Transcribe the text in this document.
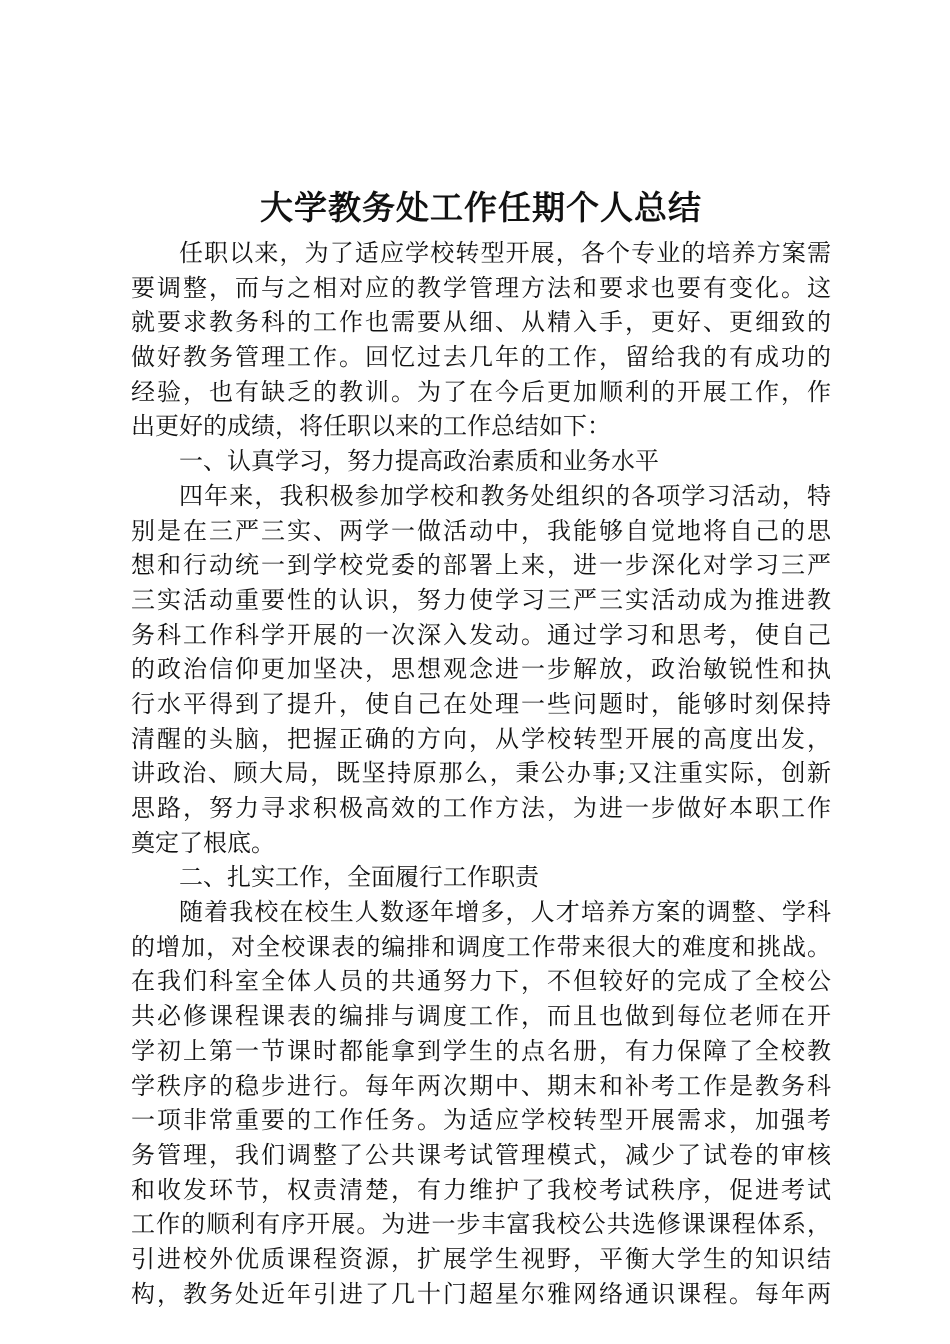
大学教务处工作任期个人总结
任职以来，为了适应学校转型开展，各个专业的培养方案需
要调整，而与之相对应的教学管理方法和要求也要有变化。这
就要求教务科的工作也需要从细、从精入手，更好、更细致的
做好教务管理工作。回忆过去几年的工作，留给我的有成功的
经验，也有缺乏的教训。为了在今后更加顺利的开展工作，作
出更好的成绩，将任职以来的工作总结如下：
一、认真学习，努力提高政治素质和业务水平
四年来，我积极参加学校和教务处组织的各项学习活动，特
别是在三严三实、两学一做活动中，我能够自觉地将自己的思
想和行动统一到学校党委的部署上来，进一步深化对学习三严
三实活动重要性的认识，努力使学习三严三实活动成为推进教
务科工作科学开展的一次深入发动。通过学习和思考，使自己
的政治信仰更加坚决，思想观念进一步解放，政治敏锐性和执
行水平得到了提升，使自己在处理一些问题时，能够时刻保持
清醒的头脑，把握正确的方向，从学校转型开展的高度出发，
讲政治、顾大局，既坚持原那么，秉公办事;又注重实际，创新
思路，努力寻求积极高效的工作方法，为进一步做好本职工作
奠定了根底。
二、扎实工作，全面履行工作职责
随着我校在校生人数逐年增多，人才培养方案的调整、学科
的增加，对全校课表的编排和调度工作带来很大的难度和挑战。
在我们科室全体人员的共通努力下，不但较好的完成了全校公
共必修课程课表的编排与调度工作，而且也做到每位老师在开
学初上第一节课时都能拿到学生的点名册，有力保障了全校教
学秩序的稳步进行。每年两次期中、期末和补考工作是教务科
一项非常重要的工作任务。为适应学校转型开展需求，加强考
务管理，我们调整了公共课考试管理模式，减少了试卷的审核
和收发环节，权责清楚，有力维护了我校考试秩序，促进考试
工作的顺利有序开展。为进一步丰富我校公共选修课课程体系，
引进校外优质课程资源，扩展学生视野，平衡大学生的知识结
构，教务处近年引进了几十门超星尔雅网络通识课程。每年两
